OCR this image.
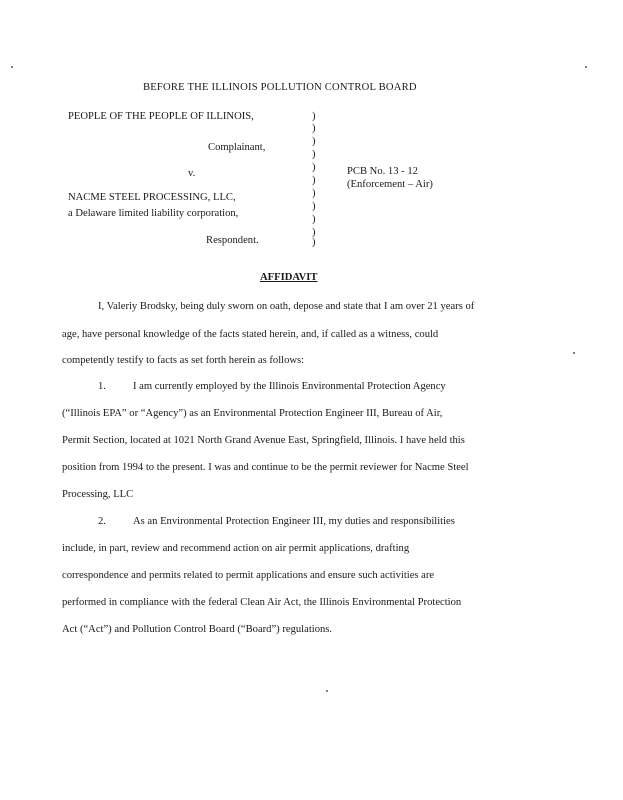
BEFORE THE ILLINOIS POLLUTION CONTROL BOARD
PEOPLE OF THE PEOPLE OF ILLINOIS,
Complainant,
v.
NACME STEEL PROCESSING, LLC,
a Delaware limited liability corporation,
Respondent.
)
)
)
)
)
)
)
)
)
)
)
PCB No. 13 - 12
(Enforcement – Air)
AFFIDAVIT
I, Valeriy Brodsky, being duly sworn on oath, depose and state that I am over 21 years of
age, have personal knowledge of the facts stated herein, and, if called as a witness, could
competently testify to facts as set forth herein as follows:
1.	I am currently employed by the Illinois Environmental Protection Agency
(“Illinois EPA” or “Agency”) as an Environmental Protection Engineer III, Bureau of Air,
Permit Section, located at 1021 North Grand Avenue East, Springfield, Illinois. I have held this
position from 1994 to the present. I was and continue to be the permit reviewer for Nacme Steel
Processing, LLC
2.	As an Environmental Protection Engineer III, my duties and responsibilities
include, in part, review and recommend action on air permit applications, drafting
correspondence and permits related to permit applications and ensure such activities are
performed in compliance with the federal Clean Air Act, the Illinois Environmental Protection
Act (“Act”) and Pollution Control Board (“Board”) regulations.
